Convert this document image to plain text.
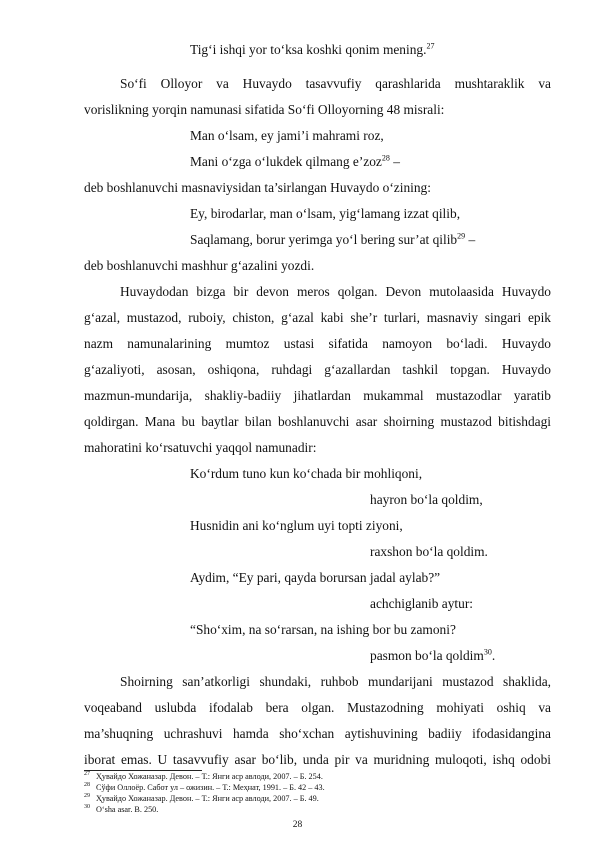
Tig‘i ishqi yor to‘ksa koshki qonim mening.$^{27}$
So‘fi Olloyor va Huvaydo tasavvufiy qarashlarida mushtaraklik va
vorislikning yorqin namunasi sifatida So‘fi Olloyorning 48 misrali:
Man o‘lsam, ey jami’i mahrami roz,
Mani o‘zga o‘lukdek qilmang e’zoz$^{28}$ –
deb boshlanuvchi masnaviysidan ta’sirlangan Huvaydo o‘zining:
Ey, birodarlar, man o‘lsam, yig‘lamang izzat qilib,
Saqlamang, borur yerimga yo‘l bering sur’at qilib$^{29}$ –
deb boshlanuvchi mashhur g‘azalini yozdi.
Huvaydodan bizga bir devon meros qolgan. Devon mutolaasida Huvaydo
g‘azal, mustazod, ruboiy, chiston, g‘azal kabi she’r turlari, masnaviy singari epik
nazm namunalarining mumtoz ustasi sifatida namoyon bo‘ladi. Huvaydo
g‘azaliyoti, asosan, oshiqona, ruhdagi g‘azallardan tashkil topgan. Huvaydo
mazmun-mundarija, shakliy-badiiy jihatlardan mukammal mustazodlar yaratib
qoldirgan. Mana bu baytlar bilan boshlanuvchi asar shoirning mustazod bitishdagi
mahoratini ko‘rsatuvchi yaqqol namunadir:
Ko‘rdum tuno kun ko‘chada bir mohliqoni,
hayron bo‘la qoldim,
Husnidin ani ko‘nglum uyi topti ziyoni,
raxshon bo‘la qoldim.
Aydim, “Ey pari, qayda borursan jadal aylab?”
achchiglanib aytur:
“Sho‘xim, na so‘rarsan, na ishing bor bu zamoni?
pasmon bo‘la qoldim$^{30}$.
Shoirning san’atkorligi shundaki, ruhbob mundarijani mustazod shaklida,
voqeaband uslubda ifodalab bera olgan. Mustazodning mohiyati oshiq va
ma’shuqning uchrashuvi hamda sho‘xchan aytishuvining badiiy ifodasidangina
iborat emas. U tasavvufiy asar bo‘lib, unda pir va muridning muloqoti, ishq odobi
$^{27}$ Ҳувайдо Хожаназар. Девон. – Т.: Янги аср авлоди, 2007. – Б. 254.
$^{28}$ Сўфи Оллоёр. Сабот ул – ожизин. – Т.: Меҳнат, 1991. – Б. 42 – 43.
$^{29}$ Ҳувайдо Хожаназар. Девон. – Т.: Янги аср авлоди, 2007. – Б. 49.
$^{30}$ O‘sha asar. B. 250.
28
